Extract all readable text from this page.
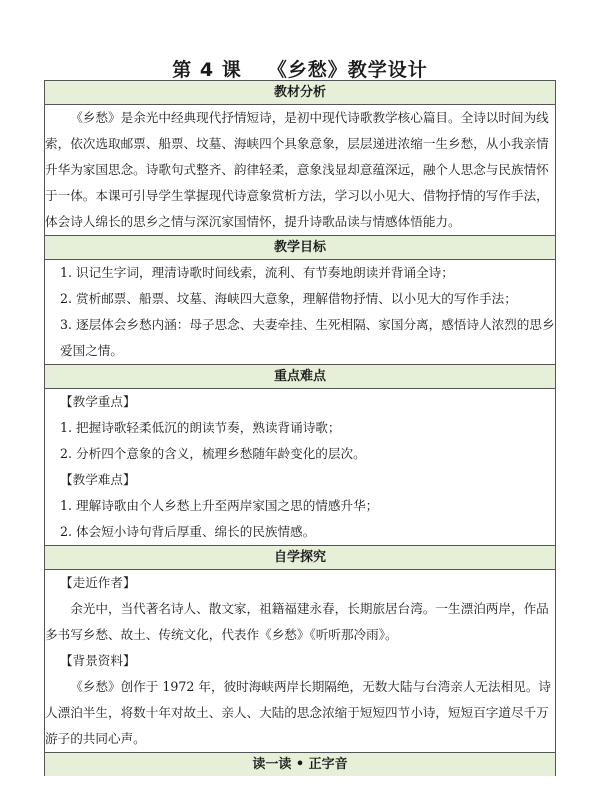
第 4 课 《乡愁》教学设计
教材分析

《乡愁》是余光中经典现代抒情短诗，是初中现代诗歌教学核心篇目。全诗以时间为线索，依次选取邮票、船票、坟墓、海峡四个具象意象，层层递进浓缩一生乡愁，从小我亲情升华为家国思念。诗歌句式整齐、韵律轻柔，意象浅显却意蕴深远，融个人思念与民族情怀于一体。本课可引导学生掌握现代诗意象赏析方法，学习以小见大、借物抒情的写作手法，体会诗人绵长的思乡之情与深沉家国情怀，提升诗歌品读与情感体悟能力。

教学目标

1. 识记生字词，理清诗歌时间线索，流利、有节奏地朗读并背诵全诗；

2. 赏析邮票、船票、坟墓、海峡四大意象，理解借物抒情、以小见大的写作手法；

3. 逐层体会乡愁内涵：母子思念、夫妻牵挂、生死相隔、家国分离，感悟诗人浓烈的思乡爱国之情。

重点难点

【教学重点】

1. 把握诗歌轻柔低沉的朗读节奏，熟读背诵诗歌；

2. 分析四个意象的含义，梳理乡愁随年龄变化的层次。

【教学难点】

1. 理解诗歌由个人乡愁上升至两岸家国之思的情感升华；

2. 体会短小诗句背后厚重、绵长的民族情感。

自学探究

【走近作者】

余光中，当代著名诗人、散文家，祖籍福建永春，长期旅居台湾。一生漂泊两岸，作品多书写乡愁、故土、传统文化，代表作《乡愁》《听听那冷雨》。

【背景资料】

《乡愁》创作于 1972 年，彼时海峡两岸长期隔绝，无数大陆与台湾亲人无法相见。诗人漂泊半生，将数十年对故土、亲人、大陆的思念浓缩于短短四节小诗，短短百字道尽千万游子的共同心声。

读一读 • 正字音
